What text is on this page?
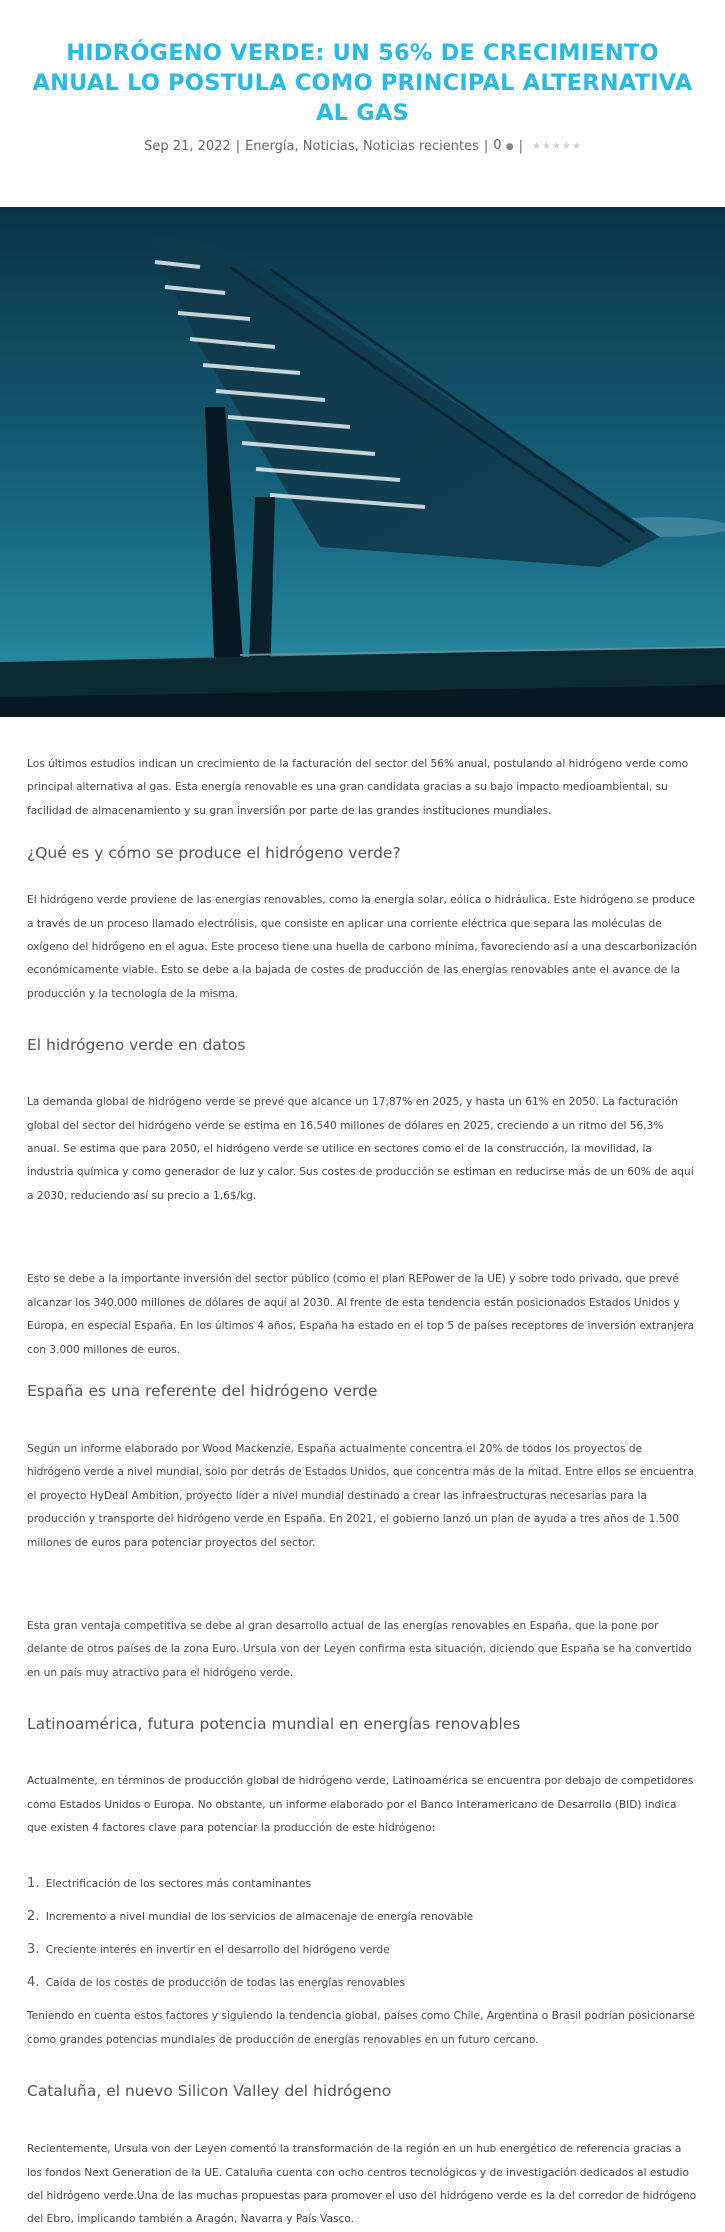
HIDRÓGENO VERDE: UN 56% DE CRECIMIENTO ANUAL LO POSTULA COMO PRINCIPAL ALTERNATIVA AL GAS
Sep 21, 2022 | Energía, Noticias, Noticias recientes | 0 ● | ★ ★ ★ ★ ★

Los últimos estudios indican un crecimiento de la facturación del sector del 56% anual, postulando al hidrógeno verde como principal alternativa al gas. Esta energía renovable es una gran candidata gracias a su bajo impacto medioambiental, su facilidad de almacenamiento y su gran inversión por parte de las grandes instituciones mundiales.

¿Qué es y cómo se produce el hidrógeno verde?

El hidrógeno verde proviene de las energías renovables, como la energía solar, eólica o hidráulica. Este hidrógeno se produce a través de un proceso llamado electrólisis, que consiste en aplicar una corriente eléctrica que separa las moléculas de oxígeno del hidrógeno en el agua. Este proceso tiene una huella de carbono mínima, favoreciendo así a una descarbonización económicamente viable. Esto se debe a la bajada de costes de producción de las energías renovables ante el avance de la producción y la tecnología de la misma.

El hidrógeno verde en datos

La demanda global de hidrógeno verde se prevé que alcance un 17,87% en 2025, y hasta un 61% en 2050. La facturación global del sector del hidrógeno verde se estima en 16.540 millones de dólares en 2025, creciendo a un ritmo del 56,3% anual. Se estima que para 2050, el hidrógeno verde se utilice en sectores como el de la construcción, la movilidad, la industria química y como generador de luz y calor. Sus costes de producción se estiman en reducirse más de un 60% de aquí a 2030, reduciendo así su precio a 1,6$/kg.

Esto se debe a la importante inversión del sector público (como el plan REPower de la UE) y sobre todo privado, que prevé alcanzar los 340.000 millones de dólares de aquí al 2030. Al frente de esta tendencia están posicionados Estados Unidos y Europa, en especial España. En los últimos 4 años, España ha estado en el top 5 de países receptores de inversión extranjera con 3.000 millones de euros.

España es una referente del hidrógeno verde

Según un informe elaborado por Wood Mackenzie, España actualmente concentra el 20% de todos los proyectos de hidrógeno verde a nivel mundial, solo por detrás de Estados Unidos, que concentra más de la mitad. Entre ellos se encuentra el proyecto HyDeal Ambition, proyecto líder a nivel mundial destinado a crear las infraestructuras necesarias para la producción y transporte del hidrógeno verde en España. En 2021, el gobierno lanzó un plan de ayuda a tres años de 1.500 millones de euros para potenciar proyectos del sector.

Esta gran ventaja competitiva se debe al gran desarrollo actual de las energías renovables en España, que la pone por delante de otros países de la zona Euro. Ursula von der Leyen confirma esta situación, diciendo que España se ha convertido en un país muy atractivo para el hidrógeno verde.

Latinoamérica, futura potencia mundial en energías renovables

Actualmente, en términos de producción global de hidrógeno verde, Latinoamérica se encuentra por debajo de competidores como Estados Unidos o Europa. No obstante, un informe elaborado por el Banco Interamericano de Desarrollo (BID) indica que existen 4 factores clave para potenciar la producción de este hidrógeno:

1. Electrificación de los sectores más contaminantes
2. Incremento a nivel mundial de los servicios de almacenaje de energía renovable
3. Creciente interés en invertir en el desarrollo del hidrógeno verde
4. Caída de los costes de producción de todas las energías renovables

Teniendo en cuenta estos factores y siguiendo la tendencia global, países como Chile, Argentina o Brasil podrían posicionarse como grandes potencias mundiales de producción de energías renovables en un futuro cercano.

Cataluña, el nuevo Silicon Valley del hidrógeno

Recientemente, Ursula von der Leyen comentó la transformación de la región en un hub energético de referencia gracias a los fondos Next Generation de la UE. Cataluña cuenta con ocho centros tecnológicos y de investigación dedicados al estudio del hidrógeno verde.Una de las muchas propuestas para promover el uso del hidrógeno verde es la del corredor de hidrógeno del Ebro, implicando también a Aragón, Navarra y País Vasco.
